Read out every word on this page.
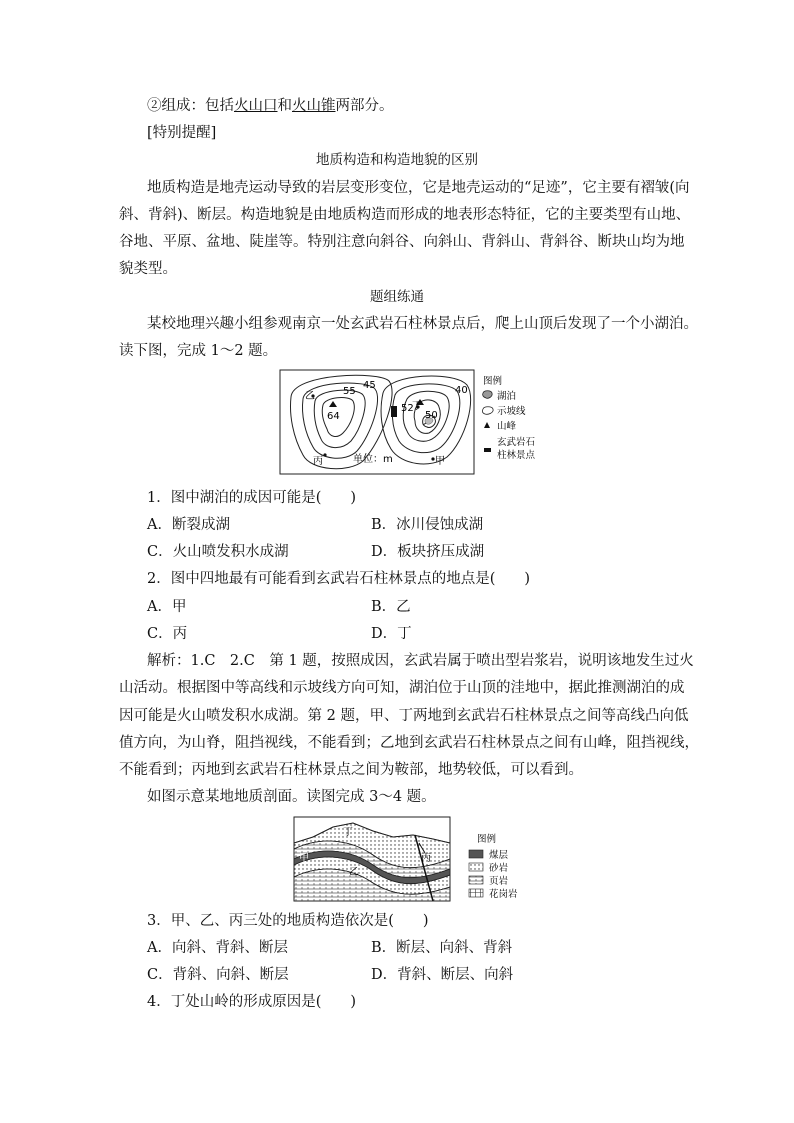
②组成：包括火山口和火山锥两部分。
[特别提醒]
地质构造和构造地貌的区别
地质构造是地壳运动导致的岩层变形变位，它是地壳运动的“足迹”，它主要有褶皱(向
斜、背斜)、断层。构造地貌是由地质构造而形成的地表形态特征，它的主要类型有山地、
谷地、平原、盆地、陡崖等。特别注意向斜谷、向斜山、背斜山、背斜谷、断块山均为地
貌类型。
题组练通
某校地理兴趣小组参观南京一处玄武岩石柱林景点后，爬上山顶后发现了一个小湖泊。
读下图，完成 1～2 题。
55
45
64
40
52
50
乙
丁
丙	甲
单位：m
图例
湖泊
示坡线
山峰
玄武岩石
柱林景点
1．图中湖泊的成因可能是(　　)
A．断裂成湖	B．冰川侵蚀成湖
C．火山喷发积水成湖	D．板块挤压成湖
2．图中四地最有可能看到玄武岩石柱林景点的地点是(　　)
A．甲	B．乙
C．丙	D．丁
解析：1.C　2.C　第 1 题，按照成因，玄武岩属于喷出型岩浆岩，说明该地发生过火
山活动。根据图中等高线和示坡线方向可知，湖泊位于山顶的洼地中，据此推测湖泊的成
因可能是火山喷发积水成湖。第 2 题，甲、丁两地到玄武岩石柱林景点之间等高线凸向低
值方向，为山脊，阻挡视线，不能看到；乙地到玄武岩石柱林景点之间有山峰，阻挡视线，
不能看到；丙地到玄武岩石柱林景点之间为鞍部，地势较低，可以看到。
如图示意某地地质剖面。读图完成 3～4 题。
丁
甲
乙
丙
图例
煤层
砂岩
页岩
花岗岩
3．甲、乙、丙三处的地质构造依次是(　　)
A．向斜、背斜、断层	B．断层、向斜、背斜
C．背斜、向斜、断层	D．背斜、断层、向斜
4．丁处山岭的形成原因是(　　)
